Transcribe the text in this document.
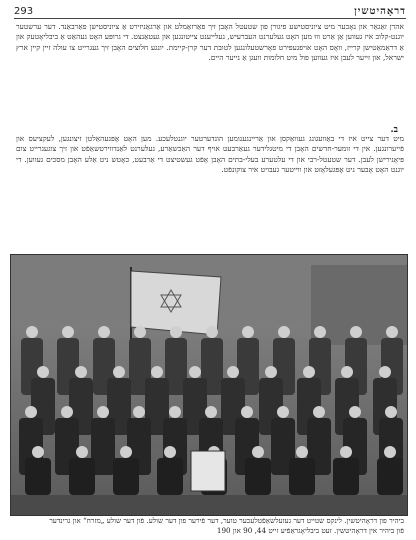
293	דראָהיטשין
אהרן זאַגאַר און נאָכער מיט ציוניסטישע פיגורן פון שטעטל האָבן זיך פאַרזאַמלט און אַרגאַניזירט אַ ציוניסטישן פאַרבאַנד. דער ערשטער יוגנט-קלוב איז געווען אַן אַרט וווּ מען האָט געלערנט העברעיש, געלייענט צייטונגען און געטאַנצט. די גרופּע האָט געהאַט אַ ביבליאָטעק און אַ דראַמאַטישן קרייז, וואָס האָט אויפגעפירט פאָרשטעלונגען לטובת דער קרן-קיימת. יונגע חלוצים האָבן זיך געגרייט צו עולה זיין קיין ארץ ישראל, און זייער לעבן איז געווען פול מיט חלומות וועגן אַ נייער היים.
ב.
מיט דער צייט איז די באַוועגונג געוואַקסן און אַריינגענומען הונדערטער יוגנטלעכע. מען האָט אָפּגעהאַלטן זיצונגען, לעקציעס און פֿייערונגען. אין די זומער-חדשים האָבן די מיטגלידער געאַרבעט אויף דער האַכשאַרע, געלערנט לאַנדווירטשאַפֿט און זיך צוגעגרייט צום פּיאָנירישן לעבן. דער שטעטל-רבי און די עלטערע בעלי-בתים האָבן אָפֿט געשטיצט די אַרבעט, כאָטש ניט אַלע האָבן מסכים געווען. די יוגנט האָט אָבער ניט אָפּגעלאָזט און ווייטער געבויט איר צוקונפֿט.
ביהיר פון דראָהיטשין. לינקס שטייט דער געזעלשאַפֿטלעכער טוער, דער פֿירער פון דער שולע. פֿון דער שולע „מזרח“ און גרינדער
פֿון ביהיר אין דראָהיטשין. זעט ביבליאָגראַפֿיע זייט 44, 90 און 190
